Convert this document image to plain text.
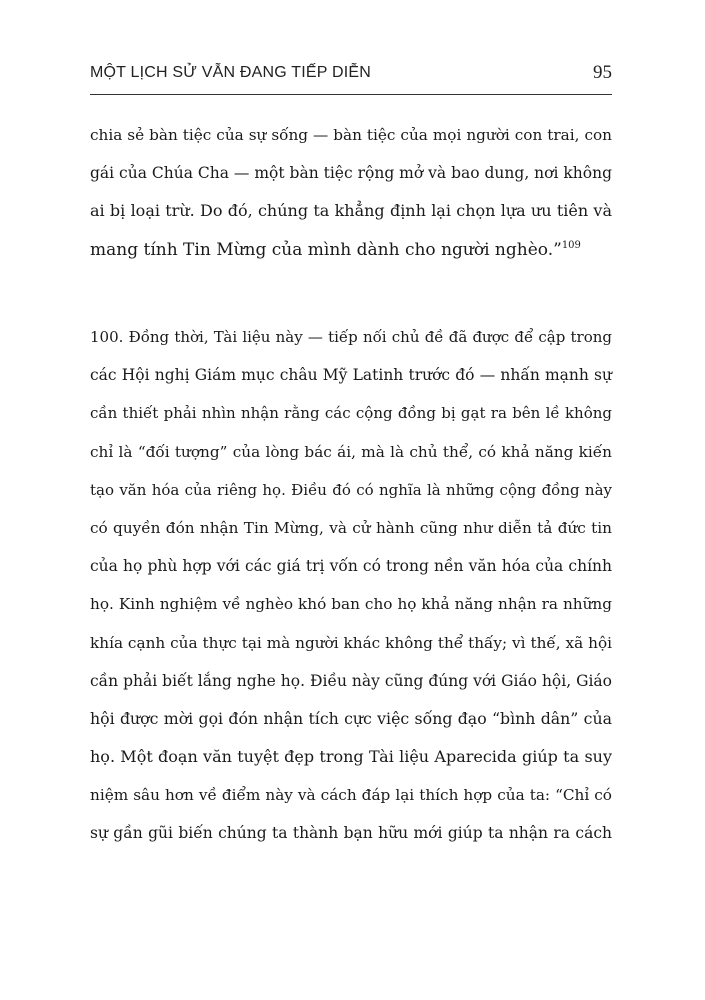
MỘT LỊCH SỬ VẪN ĐANG TIẾP DIỄN	95
chia sẻ bàn tiệc của sự sống — bàn tiệc của mọi người con trai, con
gái của Chúa Cha — một bàn tiệc rộng mở và bao dung, nơi không
ai bị loại trừ. Do đó, chúng ta khẳng định lại chọn lựa ưu tiên và
mang tính Tin Mừng của mình dành cho người nghèo.”$^{109}$
100. Đồng thời, Tài liệu này — tiếp nối chủ đề đã được để cập trong
các Hội nghị Giám mục châu Mỹ Latinh trước đó — nhấn mạnh sự
cần thiết phải nhìn nhận rằng các cộng đồng bị gạt ra bên lề không
chỉ là “đối tượng” của lòng bác ái, mà là chủ thể, có khả năng kiến
tạo văn hóa của riêng họ. Điều đó có nghĩa là những cộng đồng này
có quyền đón nhận Tin Mừng, và cử hành cũng như diễn tả đức tin
của họ phù hợp với các giá trị vốn có trong nền văn hóa của chính
họ. Kinh nghiệm về nghèo khó ban cho họ khả năng nhận ra những
khía cạnh của thực tại mà người khác không thể thấy; vì thế, xã hội
cần phải biết lắng nghe họ. Điều này cũng đúng với Giáo hội, Giáo
hội được mời gọi đón nhận tích cực việc sống đạo “bình dân” của
họ. Một đoạn văn tuyệt đẹp trong Tài liệu Aparecida giúp ta suy
niệm sâu hơn về điểm này và cách đáp lại thích hợp của ta: “Chỉ có
sự gần gũi biến chúng ta thành bạn hữu mới giúp ta nhận ra cách
